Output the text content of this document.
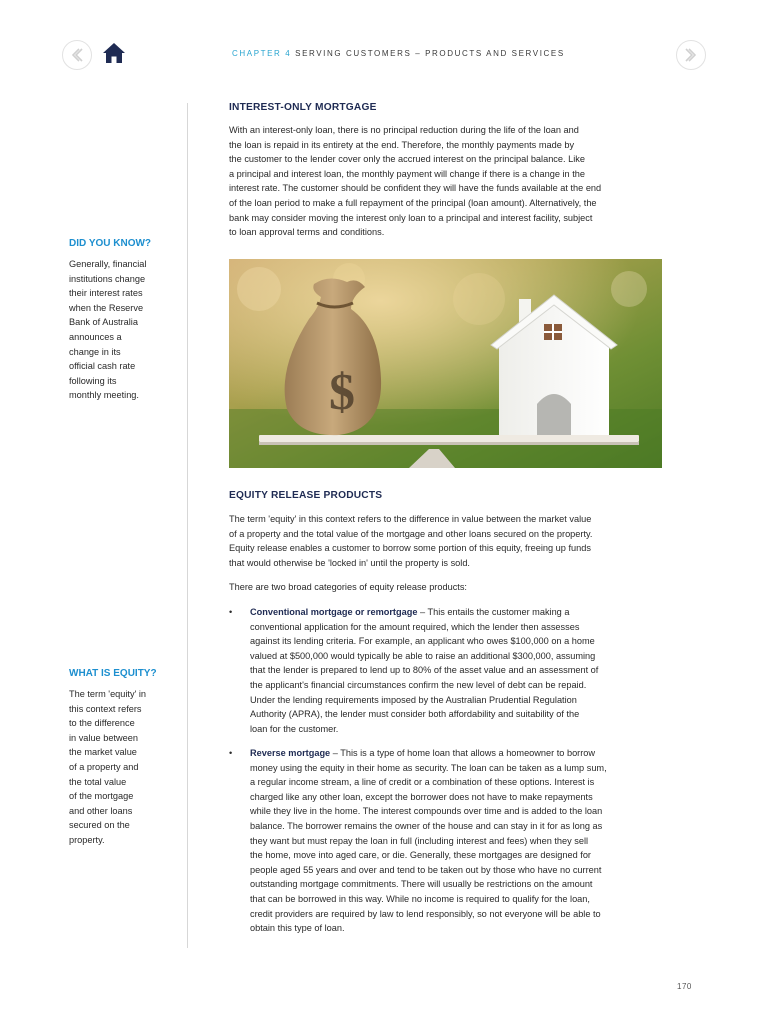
CHAPTER 4 SERVING CUSTOMERS – PRODUCTS AND SERVICES
DID YOU KNOW?

Generally, financial
institutions change
their interest rates
when the Reserve
Bank of Australia
announces a
change in its
official cash rate
following its
monthly meeting.

WHAT IS EQUITY?

The term 'equity' in
this context refers
to the difference
in value between
the market value
of a property and
the total value
of the mortgage
and other loans
secured on the
property.

INTEREST-ONLY MORTGAGE

With an interest-only loan, there is no principal reduction during the life of the loan and
the loan is repaid in its entirety at the end. Therefore, the monthly payments made by
the customer to the lender cover only the accrued interest on the principal balance. Like
a principal and interest loan, the monthly payment will change if there is a change in the
interest rate. The customer should be confident they will have the funds available at the end
of the loan period to make a full repayment of the principal (loan amount). Alternatively, the
bank may consider moving the interest only loan to a principal and interest facility, subject
to loan approval terms and conditions.

$
EQUITY RELEASE PRODUCTS

The term 'equity' in this context refers to the difference in value between the market value
of a property and the total value of the mortgage and other loans secured on the property.
Equity release enables a customer to borrow some portion of this equity, freeing up funds
that would otherwise be 'locked in' until the property is sold.

There are two broad categories of equity release products:

• Conventional mortgage or remortgage – This entails the customer making a
conventional application for the amount required, which the lender then assesses
against its lending criteria. For example, an applicant who owes $100,000 on a home
valued at $500,000 would typically be able to raise an additional $300,000, assuming
that the lender is prepared to lend up to 80% of the asset value and an assessment of
the applicant's financial circumstances confirm the new level of debt can be repaid.
Under the lending requirements imposed by the Australian Prudential Regulation
Authority (APRA), the lender must consider both affordability and suitability of the
loan for the customer.
• Reverse mortgage – This is a type of home loan that allows a homeowner to borrow
money using the equity in their home as security. The loan can be taken as a lump sum,
a regular income stream, a line of credit or a combination of these options. Interest is
charged like any other loan, except the borrower does not have to make repayments
while they live in the home. The interest compounds over time and is added to the loan
balance. The borrower remains the owner of the house and can stay in it for as long as
they want but must repay the loan in full (including interest and fees) when they sell
the home, move into aged care, or die. Generally, these mortgages are designed for
people aged 55 years and over and tend to be taken out by those who have no current
outstanding mortgage commitments. There will usually be restrictions on the amount
that can be borrowed in this way. While no income is required to qualify for the loan,
credit providers are required by law to lend responsibly, so not everyone will be able to
obtain this type of loan.
170
